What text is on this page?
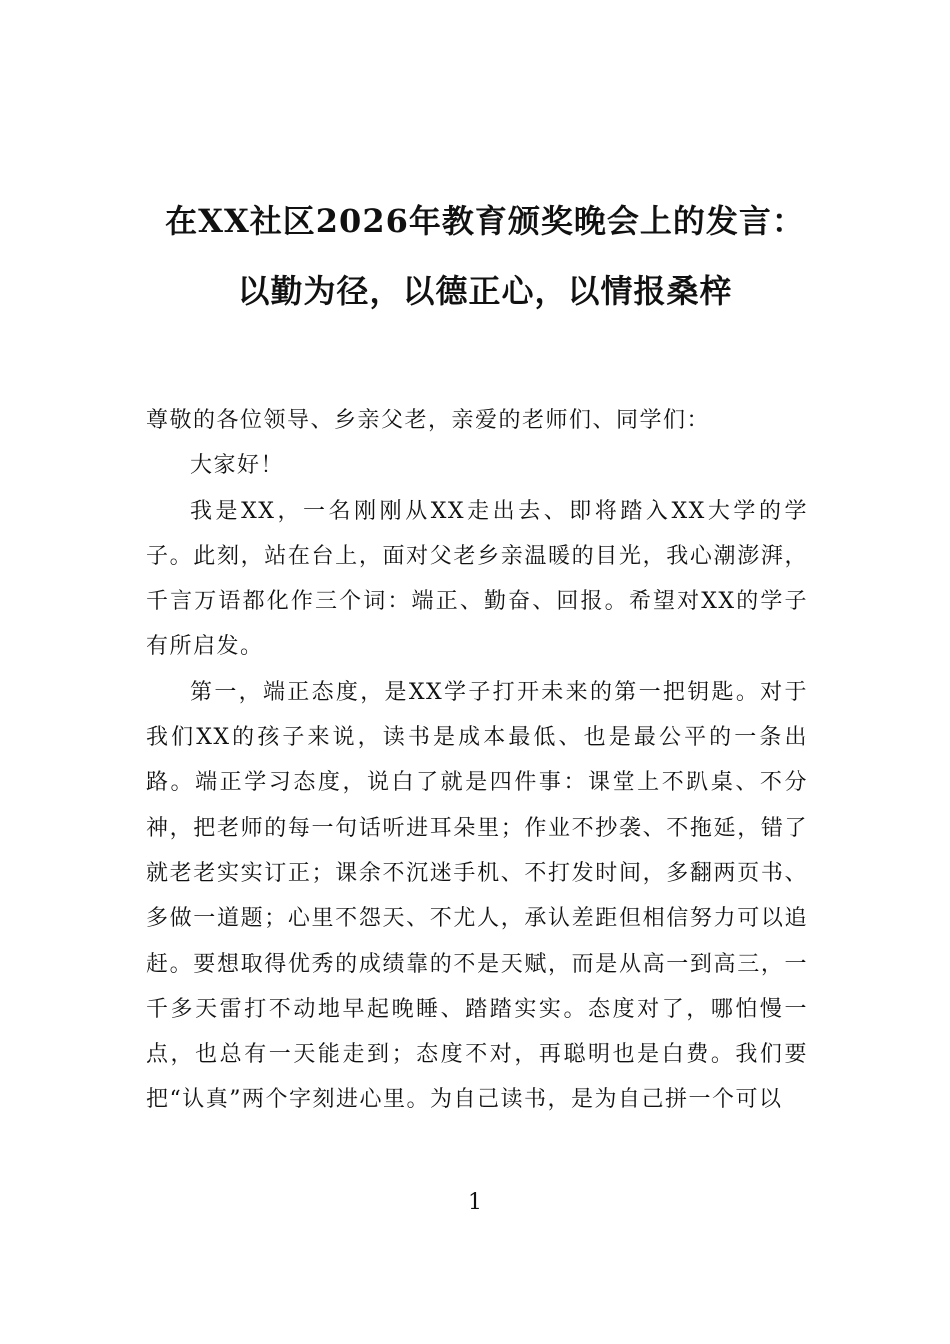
在XX社区2026年教育颁奖晚会上的发言：
以勤为径，以德正心，以情报桑梓

尊敬的各位领导、乡亲父老，亲爱的老师们、同学们：

大家好！

我是XX，一名刚刚从XX走出去、即将踏入XX大学的学子。此刻，站在台上，面对父老乡亲温暖的目光，我心潮澎湃，千言万语都化作三个词：端正、勤奋、回报。希望对XX的学子有所启发。

第一，端正态度，是XX学子打开未来的第一把钥匙。对于我们XX的孩子来说，读书是成本最低、也是最公平的一条出路。端正学习态度，说白了就是四件事：课堂上不趴桌、不分神，把老师的每一句话听进耳朵里；作业不抄袭、不拖延，错了就老老实实订正；课余不沉迷手机、不打发时间，多翻两页书、多做一道题；心里不怨天、不尤人，承认差距但相信努力可以追赶。要想取得优秀的成绩靠的不是天赋，而是从高一到高三，一千多天雷打不动地早起晚睡、踏踏实实。态度对了，哪怕慢一点，也总有一天能走到；态度不对，再聪明也是白费。我们要把“认真”两个字刻进心里。为自己读书，是为自己拼一个可以

1
